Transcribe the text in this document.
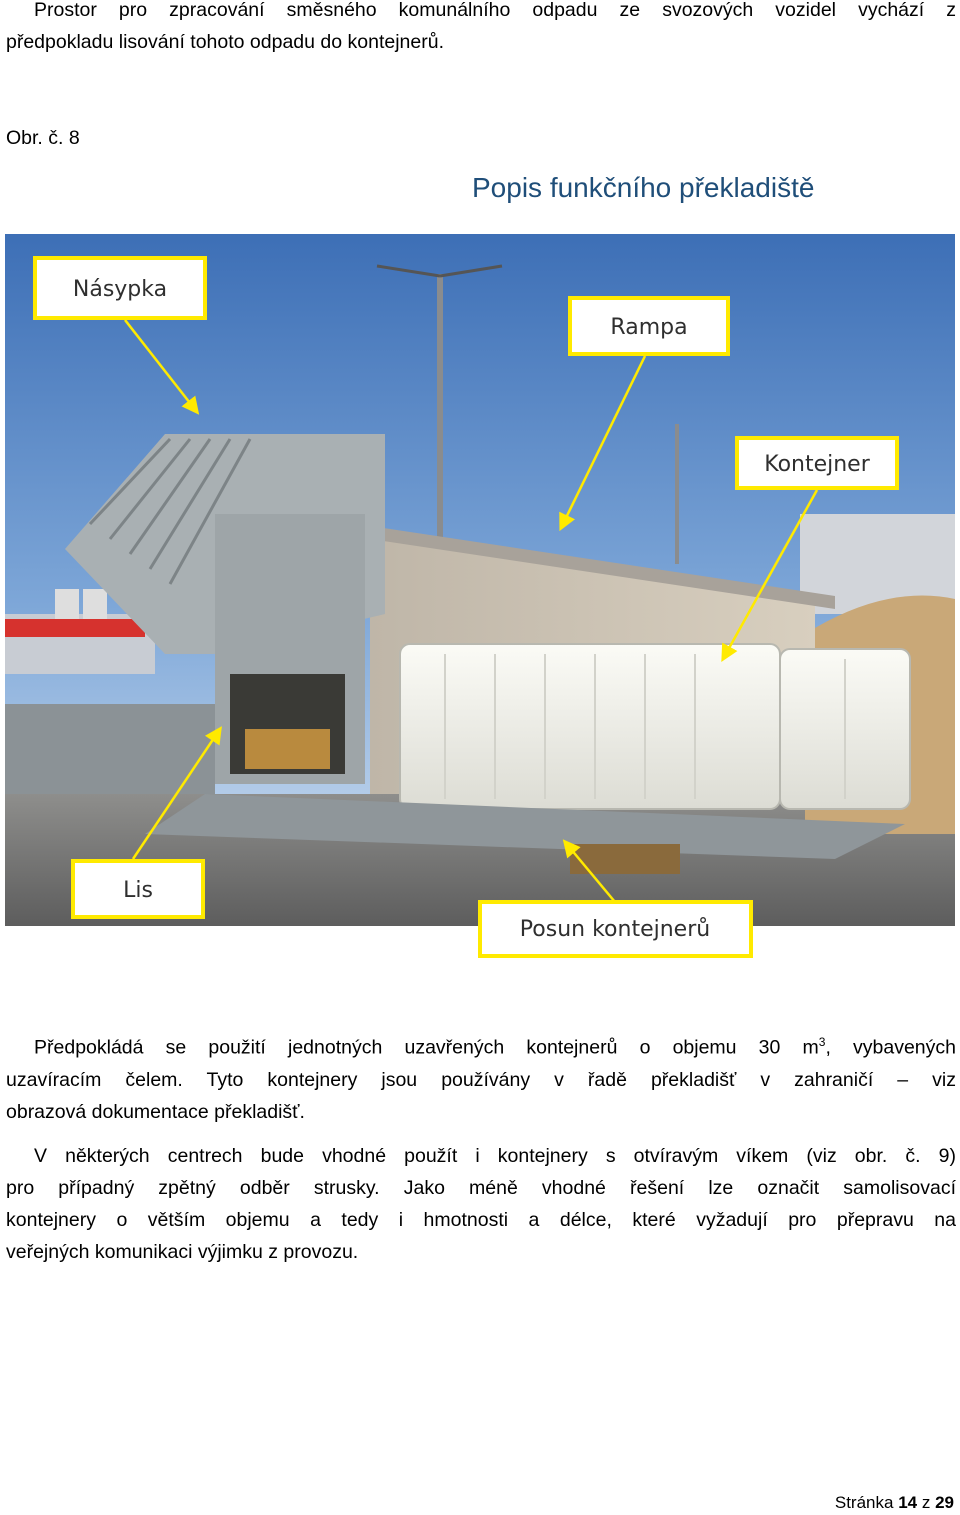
Prostor pro zpracování směsného komunálního odpadu ze svozových vozidel vychází z
předpokladu lisování tohoto odpadu do kontejnerů.

Obr. č. 8

Popis funkčního překladiště
Násypka
Rampa
Kontejner
Lis
Posun kontejnerů
Předpokládá se použití jednotných uzavřených kontejnerů o objemu 30 $m^3$, vybavených
uzavíracím čelem. Tyto kontejnery jsou používány v řadě překladišť v zahraničí – viz
obrazová dokumentace překladišť.
V některých centrech bude vhodné použít i kontejnery s otvíravým víkem (viz obr. č. 9)
pro případný zpětný odběr strusky. Jako méně vhodné řešení lze označit samolisovací
kontejnery o větším objemu a tedy i hmotnosti a délce, které vyžadují pro přepravu na
veřejných komunikaci výjimku z provozu.
Stránka 14 z 29
